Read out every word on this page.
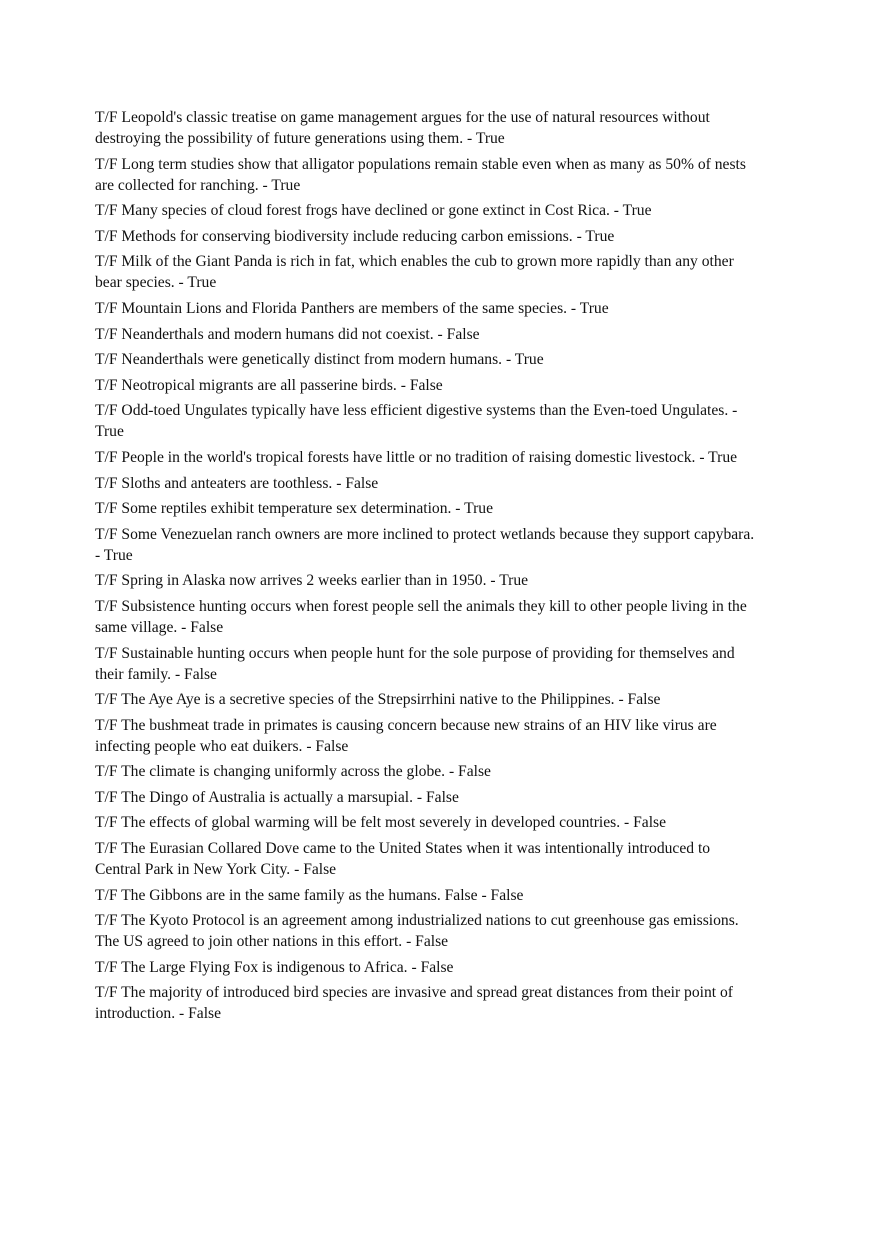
T/F Leopold's classic treatise on game management argues for the use of natural resources without destroying the possibility of future generations using them. - True
T/F Long term studies show that alligator populations remain stable even when as many as 50% of nests are collected for ranching. - True
T/F Many species of cloud forest frogs have declined or gone extinct in Cost Rica. - True
T/F Methods for conserving biodiversity include reducing carbon emissions. - True
T/F Milk of the Giant Panda is rich in fat, which enables the cub to grown more rapidly than any other bear species. - True
T/F Mountain Lions and Florida Panthers are members of the same species. - True
T/F Neanderthals and modern humans did not coexist. - False
T/F Neanderthals were genetically distinct from modern humans. - True
T/F Neotropical migrants are all passerine birds. - False
T/F Odd-toed Ungulates typically have less efficient digestive systems than the Even-toed Ungulates. - True
T/F People in the world's tropical forests have little or no tradition of raising domestic livestock. - True
T/F Sloths and anteaters are toothless. - False
T/F Some reptiles exhibit temperature sex determination. - True
T/F Some Venezuelan ranch owners are more inclined to protect wetlands because they support capybara. - True
T/F Spring in Alaska now arrives 2 weeks earlier than in 1950. - True
T/F Subsistence hunting occurs when forest people sell the animals they kill to other people living in the same village. - False
T/F Sustainable hunting occurs when people hunt for the sole purpose of providing for themselves and their family. - False
T/F The Aye Aye is a secretive species of the Strepsirrhini native to the Philippines. - False
T/F The bushmeat trade in primates is causing concern because new strains of an HIV like virus are infecting people who eat duikers. - False
T/F The climate is changing uniformly across the globe. - False
T/F The Dingo of Australia is actually a marsupial. - False
T/F The effects of global warming will be felt most severely in developed countries. - False
T/F The Eurasian Collared Dove came to the United States when it was intentionally introduced to Central Park in New York City. - False
T/F The Gibbons are in the same family as the humans. False - False
T/F The Kyoto Protocol is an agreement among industrialized nations to cut greenhouse gas emissions. The US agreed to join other nations in this effort. - False
T/F The Large Flying Fox is indigenous to Africa. - False
T/F The majority of introduced bird species are invasive and spread great distances from their point of introduction. - False
